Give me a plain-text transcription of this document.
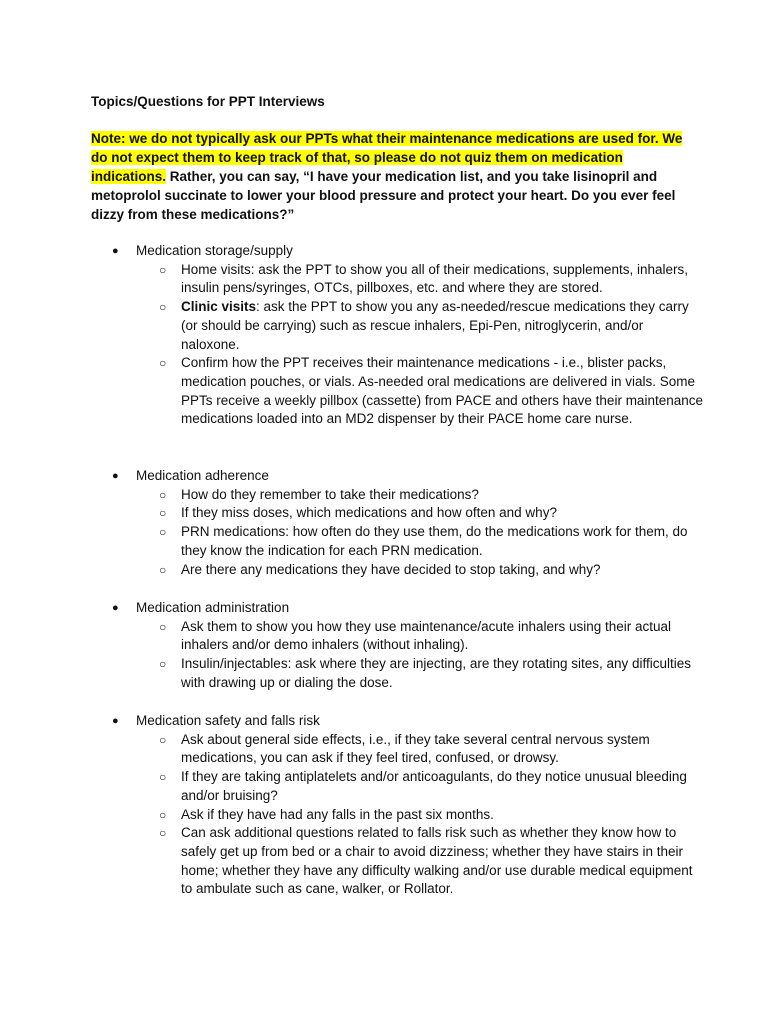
Topics/Questions for PPT Interviews
Note: we do not typically ask our PPTs what their maintenance medications are used for. We do not expect them to keep track of that, so please do not quiz them on medication indications. Rather, you can say, “I have your medication list, and you take lisinopril and metoprolol succinate to lower your blood pressure and protect your heart. Do you ever feel dizzy from these medications?”
● Medication storage/supply
○ Home visits: ask the PPT to show you all of their medications, supplements, inhalers, insulin pens/syringes, OTCs, pillboxes, etc. and where they are stored.
○ Clinic visits: ask the PPT to show you any as-needed/rescue medications they carry (or should be carrying) such as rescue inhalers, Epi-Pen, nitroglycerin, and/or naloxone.
○ Confirm how the PPT receives their maintenance medications - i.e., blister packs, medication pouches, or vials. As-needed oral medications are delivered in vials. Some PPTs receive a weekly pillbox (cassette) from PACE and others have their maintenance medications loaded into an MD2 dispenser by their PACE home care nurse.
● Medication adherence
○ How do they remember to take their medications?
○ If they miss doses, which medications and how often and why?
○ PRN medications: how often do they use them, do the medications work for them, do they know the indication for each PRN medication.
○ Are there any medications they have decided to stop taking, and why?
● Medication administration
○ Ask them to show you how they use maintenance/acute inhalers using their actual inhalers and/or demo inhalers (without inhaling).
○ Insulin/injectables: ask where they are injecting, are they rotating sites, any difficulties with drawing up or dialing the dose.
● Medication safety and falls risk
○ Ask about general side effects, i.e., if they take several central nervous system medications, you can ask if they feel tired, confused, or drowsy.
○ If they are taking antiplatelets and/or anticoagulants, do they notice unusual bleeding and/or bruising?
○ Ask if they have had any falls in the past six months.
○ Can ask additional questions related to falls risk such as whether they know how to safely get up from bed or a chair to avoid dizziness; whether they have stairs in their home; whether they have any difficulty walking and/or use durable medical equipment to ambulate such as cane, walker, or Rollator.
